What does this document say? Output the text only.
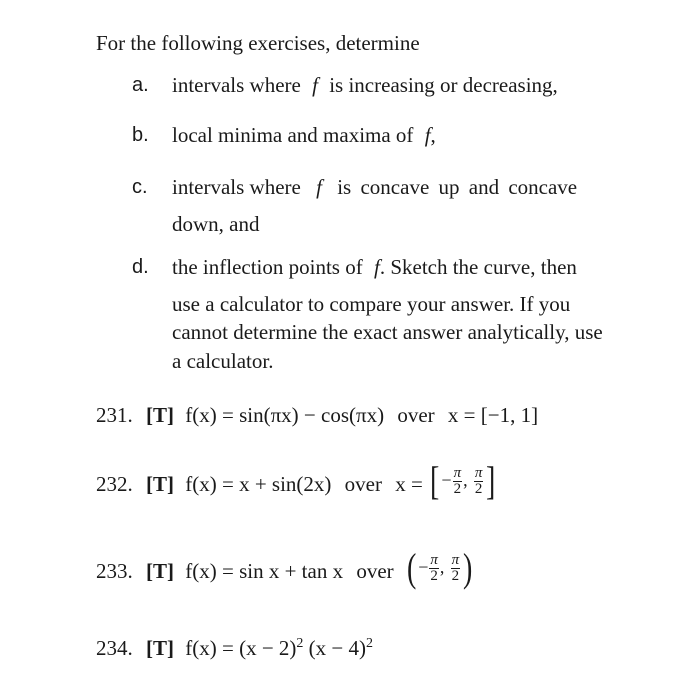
For the following exercises, determine
a. intervals where f is increasing or decreasing,
b. local minima and maxima of f,
c. intervals where f is concave up and concave
down, and
d. the inflection points of f. Sketch the curve, then
use a calculator to compare your answer. If you
cannot determine the exact answer analytically, use
a calculator.
231. [T] f(x) = sin(πx) − cos(πx) over x = [−1, 1]
232. [T] f(x) = x + sin(2x) over x = [ − $\frac{\pi}{2}$ , $\frac{\pi}{2}$ ]
233. [T] f(x) = sin x + tan x over ( − $\frac{\pi}{2}$ , $\frac{\pi}{2}$ )
234. [T] $f(x) = (x - 2)^2$ $(x - 4)^2$
